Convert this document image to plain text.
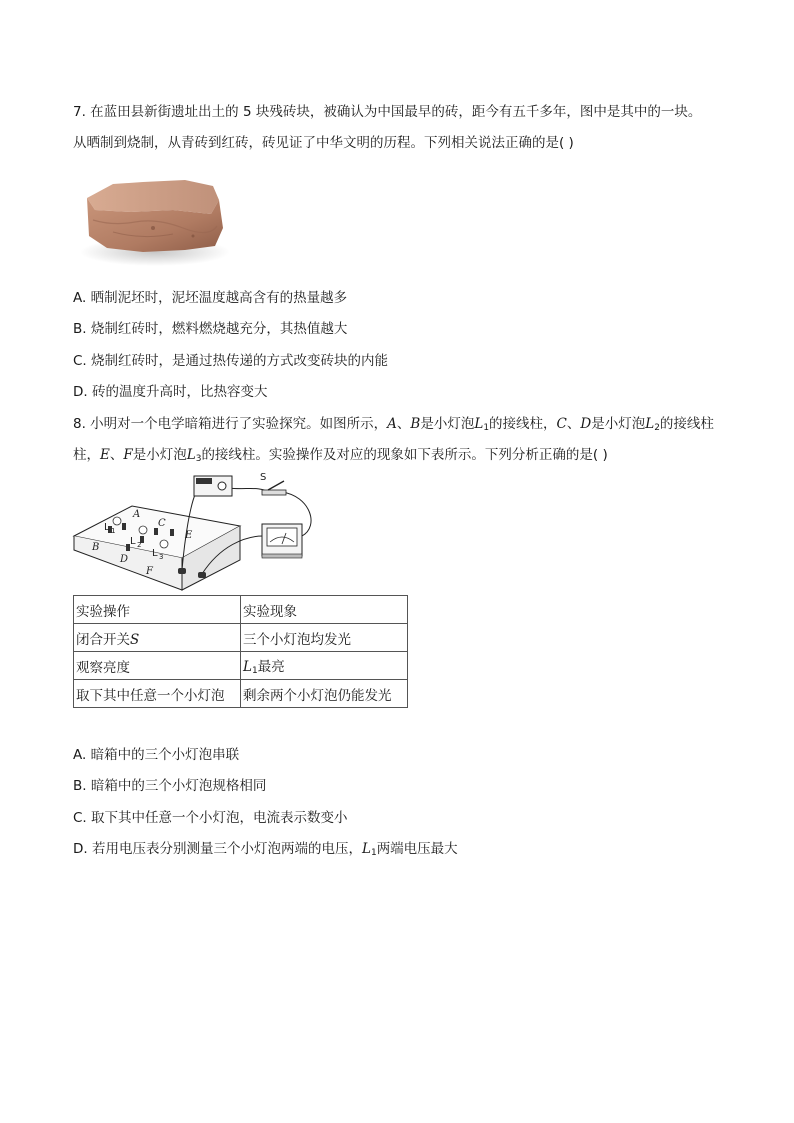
7. 在蓝田县新街遗址出土的 5 块残砖块，被确认为中国最早的砖，距今有五千多年，图中是其中的一块。
从晒制到烧制，从青砖到红砖，砖见证了中华文明的历程。下列相关说法正确的是( )
A. 晒制泥坯时，泥坯温度越高含有的热量越多
B. 烧制红砖时，燃料燃烧越充分，其热值越大
C. 烧制红砖时，是通过热传递的方式改变砖块的内能
D. 砖的温度升高时，比热容变大
8. 小明对一个电学暗箱进行了实验探究。如图所示，A、B是小灯泡$L_1$的接线柱，C、D是小灯泡$L_2$的接线柱
柱，E、F是小灯泡$L_3$的接线柱。实验操作及对应的现象如下表所示。下列分析正确的是( )
A
B
C
D
E
F
S
L 1
L 2
L 3
实验操作	实验现象
闭合开关S	三个小灯泡均发光
观察亮度	$L_1$最亮
取下其中任意一个小灯泡	剩余两个小灯泡仍能发光
A. 暗箱中的三个小灯泡串联
B. 暗箱中的三个小灯泡规格相同
C. 取下其中任意一个小灯泡，电流表示数变小
D. 若用电压表分别测量三个小灯泡两端的电压，$L_1$两端电压最大
